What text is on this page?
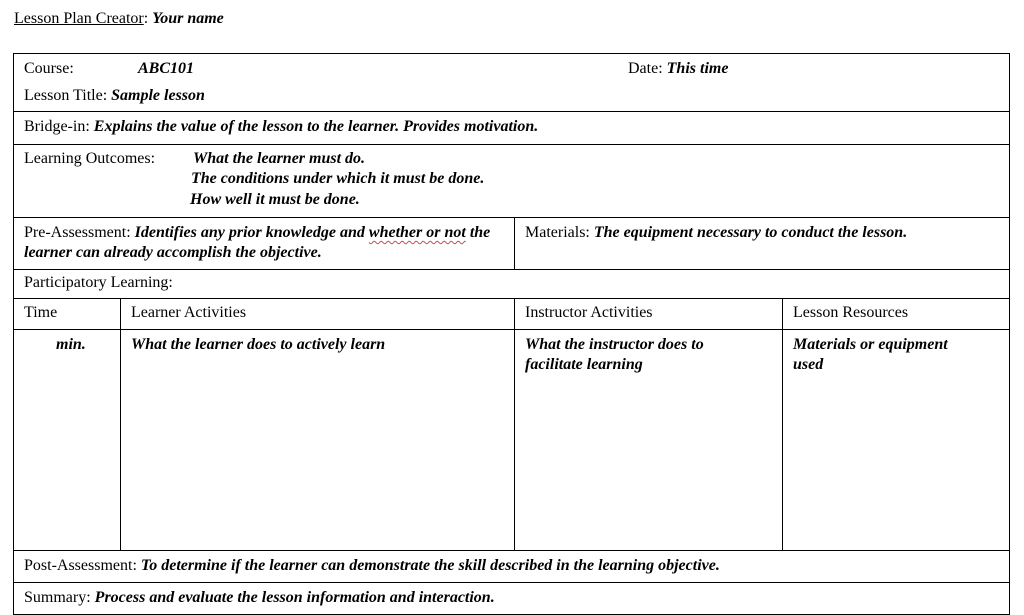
Lesson Plan Creator: Your name
Course: ABC101 Date: This time
Lesson Title: Sample lesson			

Bridge-in: Explains the value of the lesson to the learner. Provides motivation.			

Learning Outcomes: What the learner must do.
The conditions under which it must be done.
How well it must be done.			

Pre-Assessment: Identifies any prior knowledge and whether or not the learner can already accomplish the objective.		Materials: The equipment necessary to conduct the lesson.	
Participatory Learning:			
Time	Learner Activities	Instructor Activities	Lesson Resources

min.	What the learner does to actively learn	What the instructor does to facilitate learning	Materials or equipment used

Post-Assessment: To determine if the learner can demonstrate the skill described in the learning objective.			
Summary: Process and evaluate the lesson information and interaction.			
